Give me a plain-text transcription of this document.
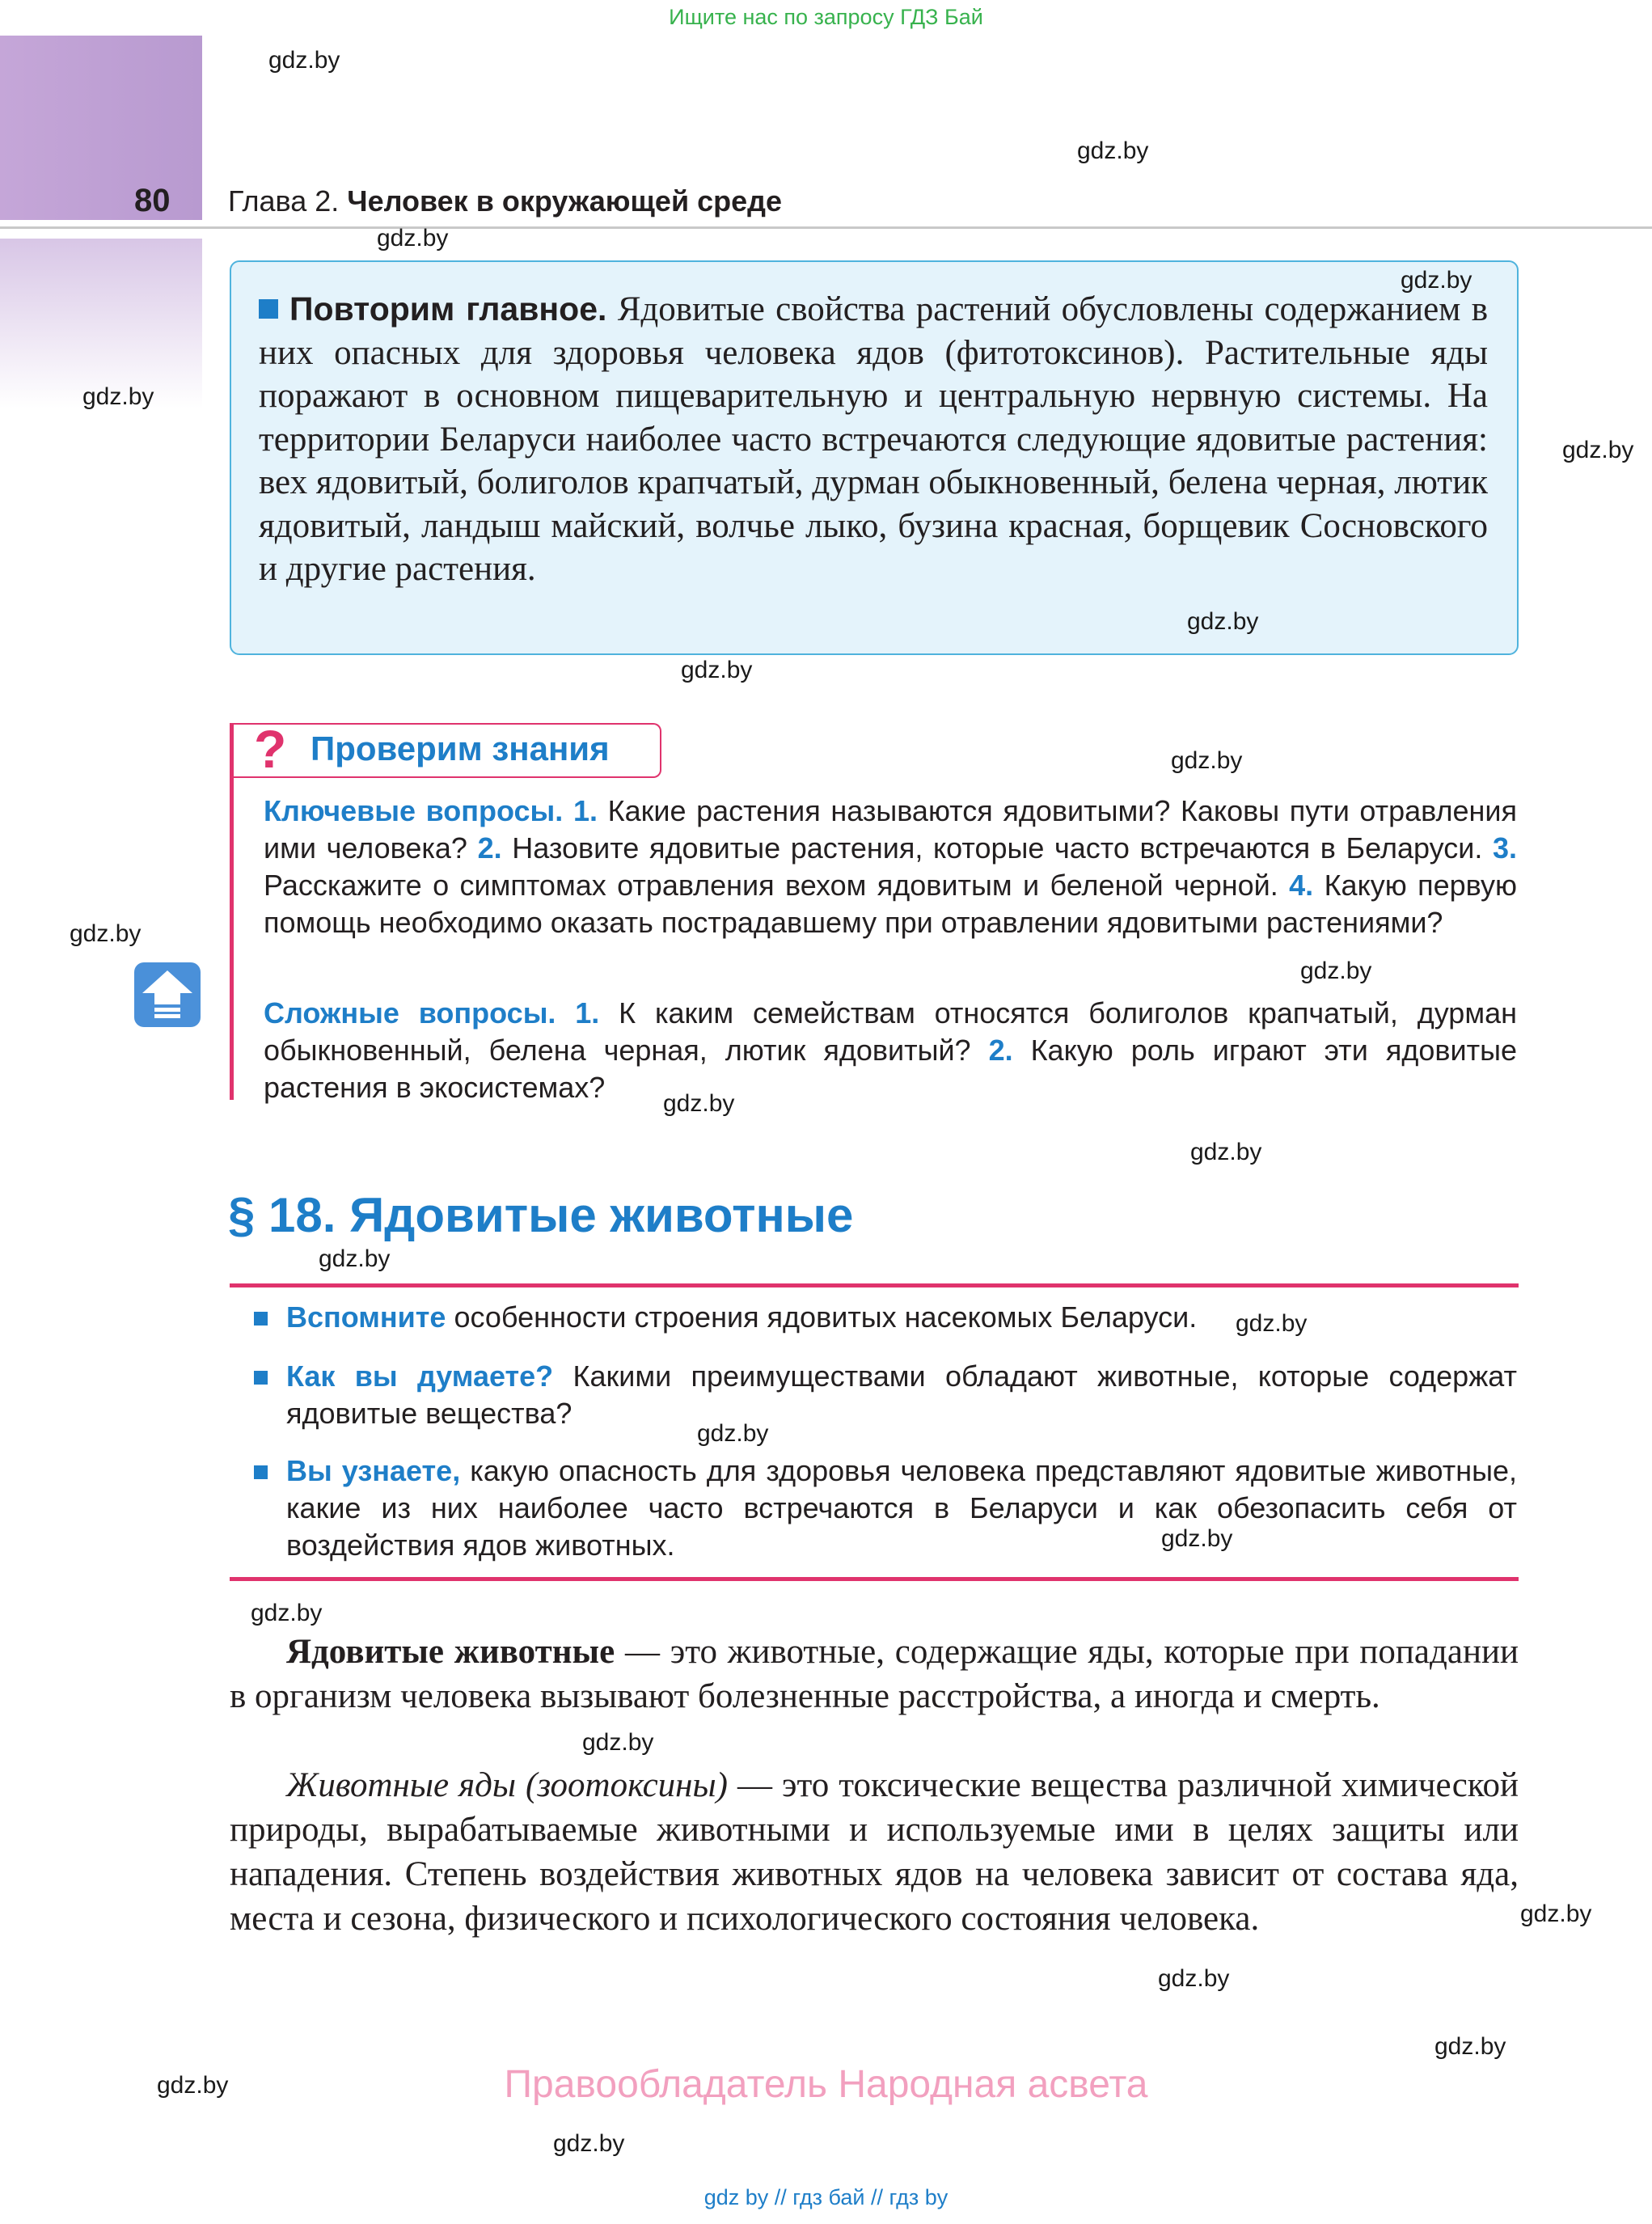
Ищите нас по запросу ГДЗ Бай
80 Глава 2. Человек в окружающей среде
Повторим главное. Ядовитые свойства растений обусловлены содержанием в них опасных для здоровья человека ядов (фитотоксинов). Растительные яды поражают в основном пищеварительную и центральную нервную системы. На территории Беларуси наиболее часто встречаются следующие ядовитые растения: вех ядовитый, болиголов крапчатый, дурман обыкновенный, белена черная, лютик ядовитый, ландыш майский, волчье лыко, бузина красная, борщевик Сосновского и другие растения.
? Проверим знания
Ключевые вопросы. 1. Какие растения называются ядовитыми? Каковы пути отравления ими человека? 2. Назовите ядовитые растения, которые часто встречаются в Беларуси. 3. Расскажите о симптомах отравления вехом ядовитым и беленой черной. 4. Какую первую помощь необходимо оказать пострадавшему при отравлении ядовитыми растениями?
Сложные вопросы. 1. К каким семействам относятся болиголов крапчатый, дурман обыкновенный, белена черная, лютик ядовитый? 2. Какую роль играют эти ядовитые растения в экосистемах?
§ 18. Ядовитые животные
Вспомните особенности строения ядовитых насекомых Беларуси.
Как вы думаете? Какими преимуществами обладают животные, которые содержат ядовитые вещества?
Вы узнаете, какую опасность для здоровья человека представляют ядовитые животные, какие из них наиболее часто встречаются в Беларуси и как обезопасить себя от воздействия ядов животных.
Ядовитые животные — это животные, содержащие яды, которые при попадании в организм человека вызывают болезненные расстройства, а иногда и смерть.
Животные яды (зоотоксины) — это токсические вещества различной химической природы, вырабатываемые животными и используемые ими в целях защиты или нападения. Степень воздействия животных ядов на человека зависит от состава яда, места и сезона, физического и психологического состояния человека.
gdz.by
gdz.by
gdz.by
gdz.by
gdz.by
gdz.by
gdz.by
gdz.by
gdz.by
gdz.by
gdz.by
gdz.by
gdz.by
gdz.by
gdz.by
gdz.by
gdz.by
gdz.by
gdz.by
gdz.by
gdz.by
gdz.by
gdz.by
gdz.by
Правообладатель Народная асвета
gdz by // гдз бай // гдз by
